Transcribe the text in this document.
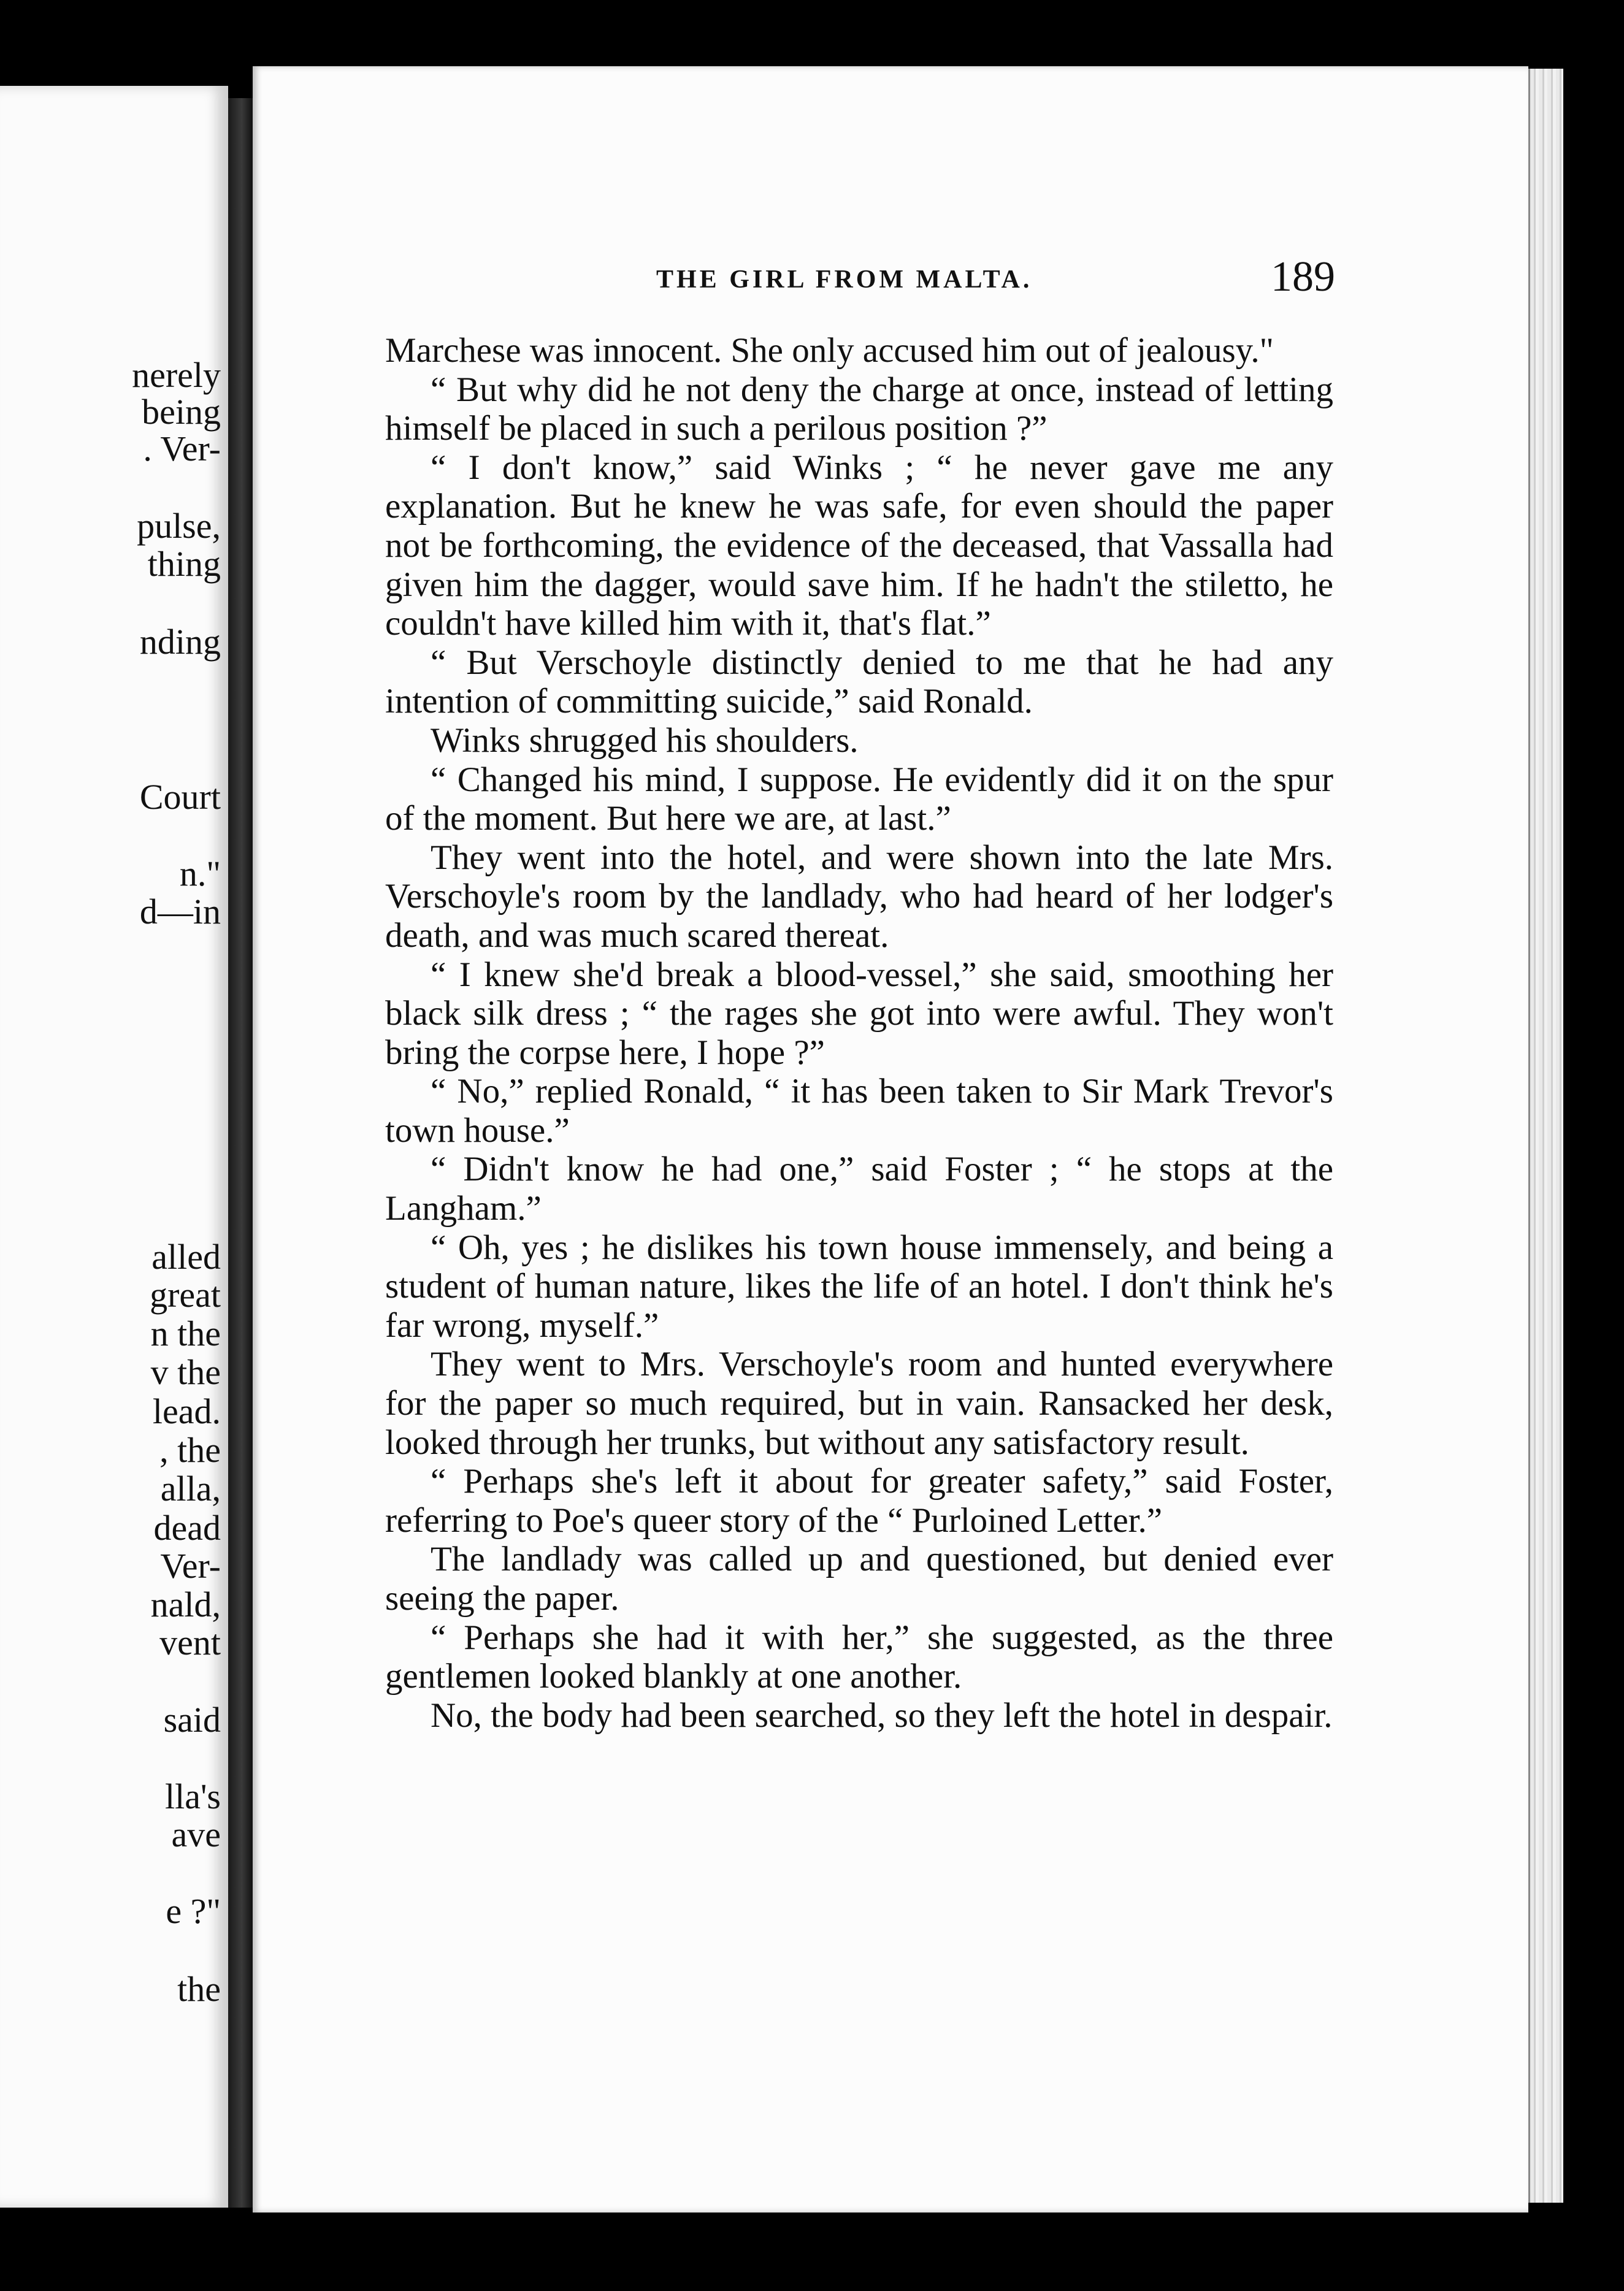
nerely
being
. Ver-
pulse,
thing
nding
Court
n."
d—in
alled
great
n the
v the
lead.
, the
alla,
dead
Ver-
nald,
vent
said
lla's
ave
e ?"
the
THE GIRL FROM MALTA.	189

Marchese was innocent. She only accused him out of jealousy."

“ But why did he not deny the charge at once, instead of letting himself be placed in such a perilous position ?”

“ I don't know,” said Winks ; “ he never gave me any explanation. But he knew he was safe, for even should the paper not be forthcoming, the evidence of the deceased, that Vassalla had given him the dagger, would save him. If he hadn't the stiletto, he couldn't have killed him with it, that's flat.”

“ But Verschoyle distinctly denied to me that he had any intention of committing suicide,” said Ronald.

Winks shrugged his shoulders.

“ Changed his mind, I suppose. He evidently did it on the spur of the moment. But here we are, at last.”

They went into the hotel, and were shown into the late Mrs. Verschoyle's room by the landlady, who had heard of her lodger's death, and was much scared thereat.

“ I knew she'd break a blood-vessel,” she said, smoothing her black silk dress ; “ the rages she got into were awful. They won't bring the corpse here, I hope ?”

“ No,” replied Ronald, “ it has been taken to Sir Mark Trevor's town house.”

“ Didn't know he had one,” said Foster ; “ he stops at the Langham.”

“ Oh, yes ; he dislikes his town house immensely, and being a student of human nature, likes the life of an hotel. I don't think he's far wrong, myself.”

They went to Mrs. Verschoyle's room and hunted everywhere for the paper so much required, but in vain. Ransacked her desk, looked through her trunks, but without any satisfactory result.

“ Perhaps she's left it about for greater safety,” said Foster, referring to Poe's queer story of the “ Purloined Letter.”

The landlady was called up and questioned, but denied ever seeing the paper.

“ Perhaps she had it with her,” she suggested, as the three gentlemen looked blankly at one another.

No, the body had been searched, so they left the hotel in despair.
